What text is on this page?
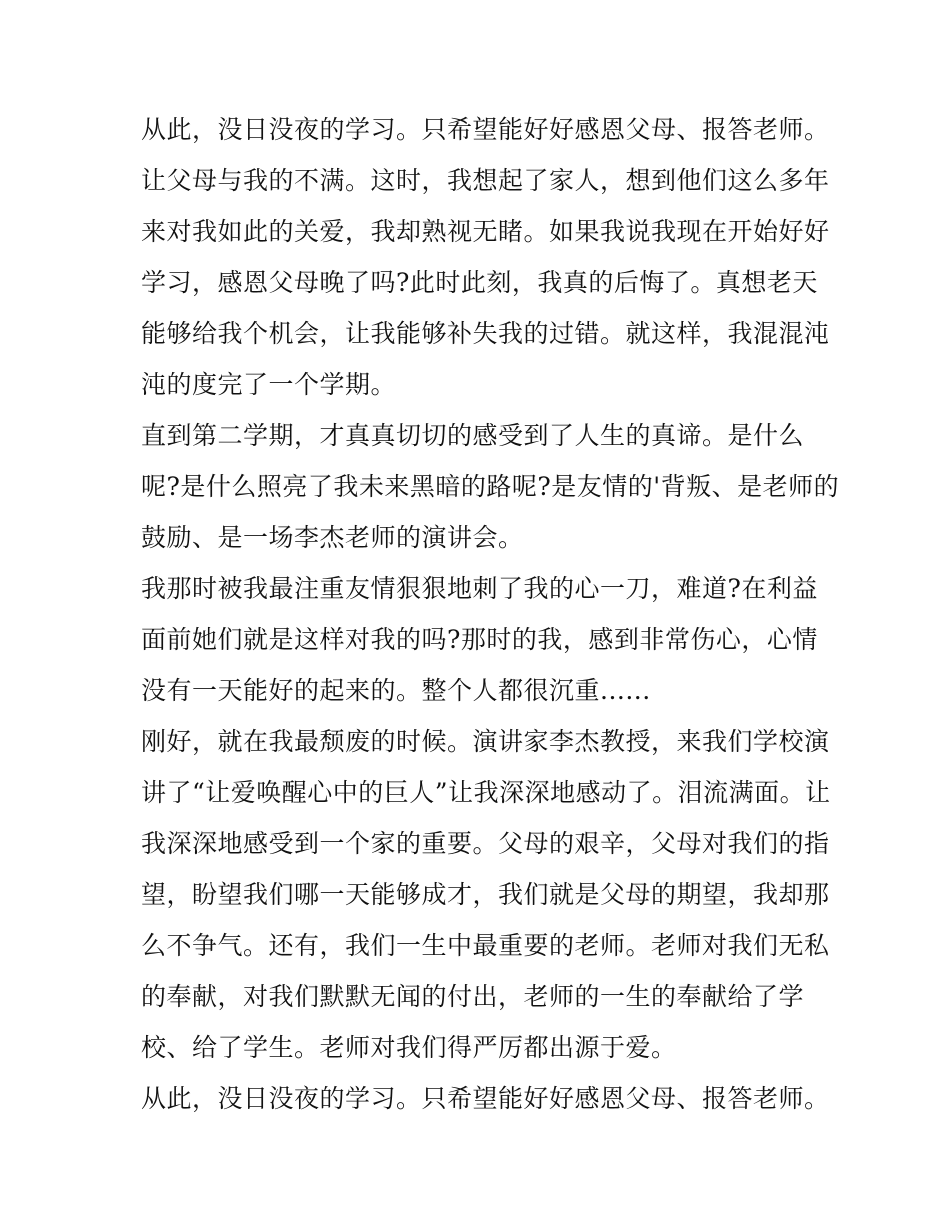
从此，没日没夜的学习。只希望能好好感恩父母、报答老师。

让父母与我的不满。这时，我想起了家人，想到他们这么多年
来对我如此的关爱，我却熟视无睹。如果我说我现在开始好好
学习，感恩父母晚了吗?此时此刻，我真的后悔了。真想老天
能够给我个机会，让我能够补失我的过错。就这样，我混混沌
沌的度完了一个学期。

直到第二学期，才真真切切的感受到了人生的真谛。是什么
呢?是什么照亮了我未来黑暗的路呢?是友情的'背叛、是老师的
鼓励、是一场李杰老师的演讲会。

我那时被我最注重友情狠狠地刺了我的心一刀，难道?在利益
面前她们就是这样对我的吗?那时的我，感到非常伤心，心情
没有一天能好的起来的。整个人都很沉重......

刚好，就在我最颓废的时候。演讲家李杰教授，来我们学校演
讲了“让爱唤醒心中的巨人”让我深深地感动了。泪流满面。让
我深深地感受到一个家的重要。父母的艰辛，父母对我们的指
望，盼望我们哪一天能够成才，我们就是父母的期望，我却那
么不争气。还有，我们一生中最重要的老师。老师对我们无私
的奉献，对我们默默无闻的付出，老师的一生的奉献给了学
校、给了学生。老师对我们得严厉都出源于爱。

从此，没日没夜的学习。只希望能好好感恩父母、报答老师。
